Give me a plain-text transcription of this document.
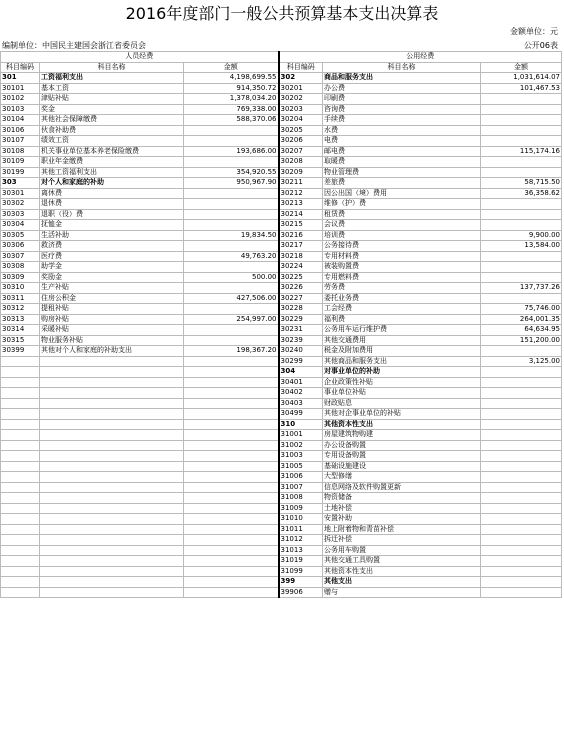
2016年度部门一般公共预算基本支出决算表
金额单位：元
编制单位：中国民主建国会浙江省委员会	公开06表
人员经费			公用经费		
科目编码	科目名称	金额	科目编码	科目名称	金额
301	工资福利支出	4,198,699.55	302	商品和服务支出	1,031,614.07
30101	基本工资	914,350.72	30201	办公费	101,467.53
30102	津贴补贴	1,378,034.20	30202	印刷费	
30103	奖金	769,338.00	30203	咨询费	
30104	其他社会保障缴费	588,370.06	30204	手续费	
30106	伙食补助费		30205	水费	
30107	绩效工资		30206	电费	
30108	机关事业单位基本养老保险缴费	193,686.00	30207	邮电费	115,174.16
30109	职业年金缴费		30208	取暖费	
30199	其他工资福利支出	354,920.55	30209	物业管理费	
303	对个人和家庭的补助	950,967.90	30211	差旅费	58,715.50
30301	离休费		30212	因公出国（境）费用	36,358.62
30302	退休费		30213	维修（护）费	
30303	退职（役）费		30214	租赁费	
30304	抚恤金		30215	会议费	
30305	生活补助	19,834.50	30216	培训费	9,900.00
30306	救济费		30217	公务接待费	13,584.00
30307	医疗费	49,763.20	30218	专用材料费	
30308	助学金		30224	被装购置费	
30309	奖励金	500.00	30225	专用燃料费	
30310	生产补贴		30226	劳务费	137,737.26
30311	住房公积金	427,506.00	30227	委托业务费	
30312	提租补贴		30228	工会经费	75,746.00
30313	购房补贴	254,997.00	30229	福利费	264,001.35
30314	采暖补贴		30231	公务用车运行维护费	64,634.95
30315	物业服务补贴		30239	其他交通费用	151,200.00
30399	其他对个人和家庭的补助支出	198,367.20	30240	税金及附加费用	
			30299	其他商品和服务支出	3,125.00
			304	对事业单位的补助	
			30401	企业政策性补贴	
			30402	事业单位补贴	
			30403	财政贴息	
			30499	其他对企事业单位的补贴	
			310	其他资本性支出	
			31001	房屋建筑物购建	
			31002	办公设备购置	
			31003	专用设备购置	
			31005	基础设施建设	
			31006	大型修缮	
			31007	信息网络及软件购置更新	
			31008	物资储备	
			31009	土地补偿	
			31010	安置补助	
			31011	地上附着物和青苗补偿	
			31012	拆迁补偿	
			31013	公务用车购置	
			31019	其他交通工具购置	
			31099	其他资本性支出	
			399	其他支出	
			39906	赠与	
